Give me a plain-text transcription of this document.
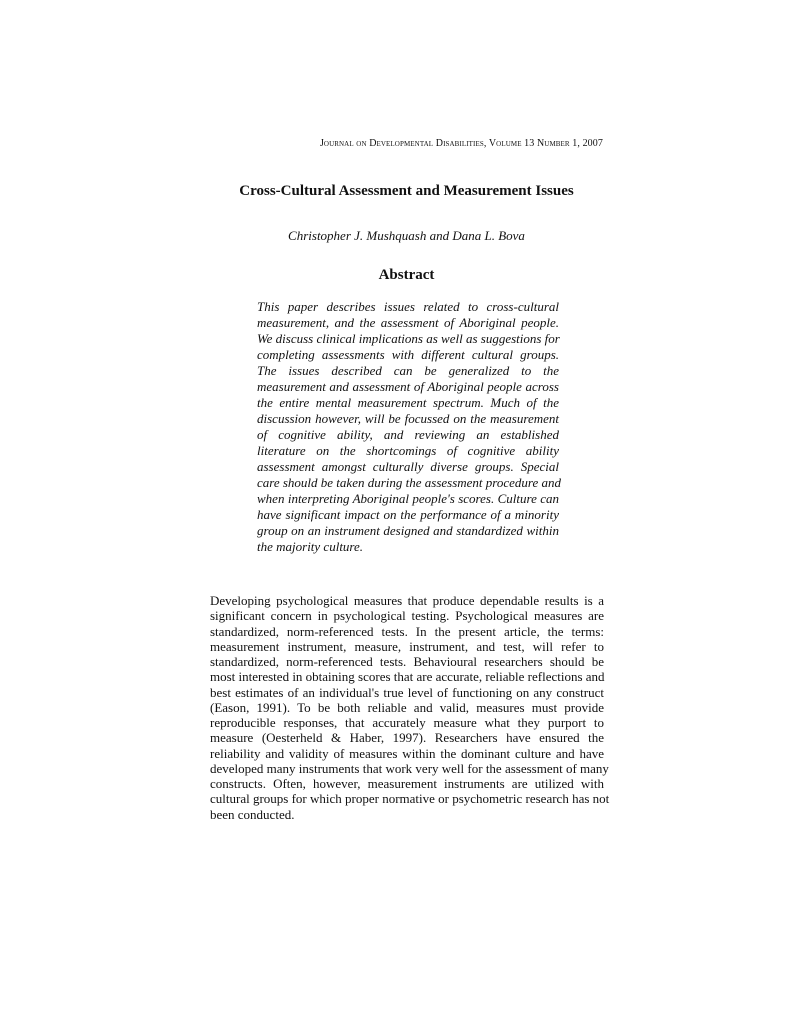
Journal on Developmental Disabilities, Volume 13 Number 1, 2007
Cross-Cultural Assessment and Measurement Issues
Christopher J. Mushquash and Dana L. Bova
Abstract
This paper describes issues related to cross-cultural
measurement, and the assessment of Aboriginal people.
We discuss clinical implications as well as suggestions for
completing assessments with different cultural groups.
The issues described can be generalized to the
measurement and assessment of Aboriginal people across
the entire mental measurement spectrum. Much of the
discussion however, will be focussed on the measurement
of cognitive ability, and reviewing an established
literature on the shortcomings of cognitive ability
assessment amongst culturally diverse groups. Special
care should be taken during the assessment procedure and
when interpreting Aboriginal people's scores. Culture can
have significant impact on the performance of a minority
group on an instrument designed and standardized within
the majority culture.
Developing psychological measures that produce dependable results is a
significant concern in psychological testing. Psychological measures are
standardized, norm-referenced tests. In the present article, the terms:
measurement instrument, measure, instrument, and test, will refer to
standardized, norm-referenced tests. Behavioural researchers should be
most interested in obtaining scores that are accurate, reliable reflections and
best estimates of an individual's true level of functioning on any construct
(Eason, 1991). To be both reliable and valid, measures must provide
reproducible responses, that accurately measure what they purport to
measure (Oesterheld & Haber, 1997). Researchers have ensured the
reliability and validity of measures within the dominant culture and have
developed many instruments that work very well for the assessment of many
constructs. Often, however, measurement instruments are utilized with
cultural groups for which proper normative or psychometric research has not
been conducted.
